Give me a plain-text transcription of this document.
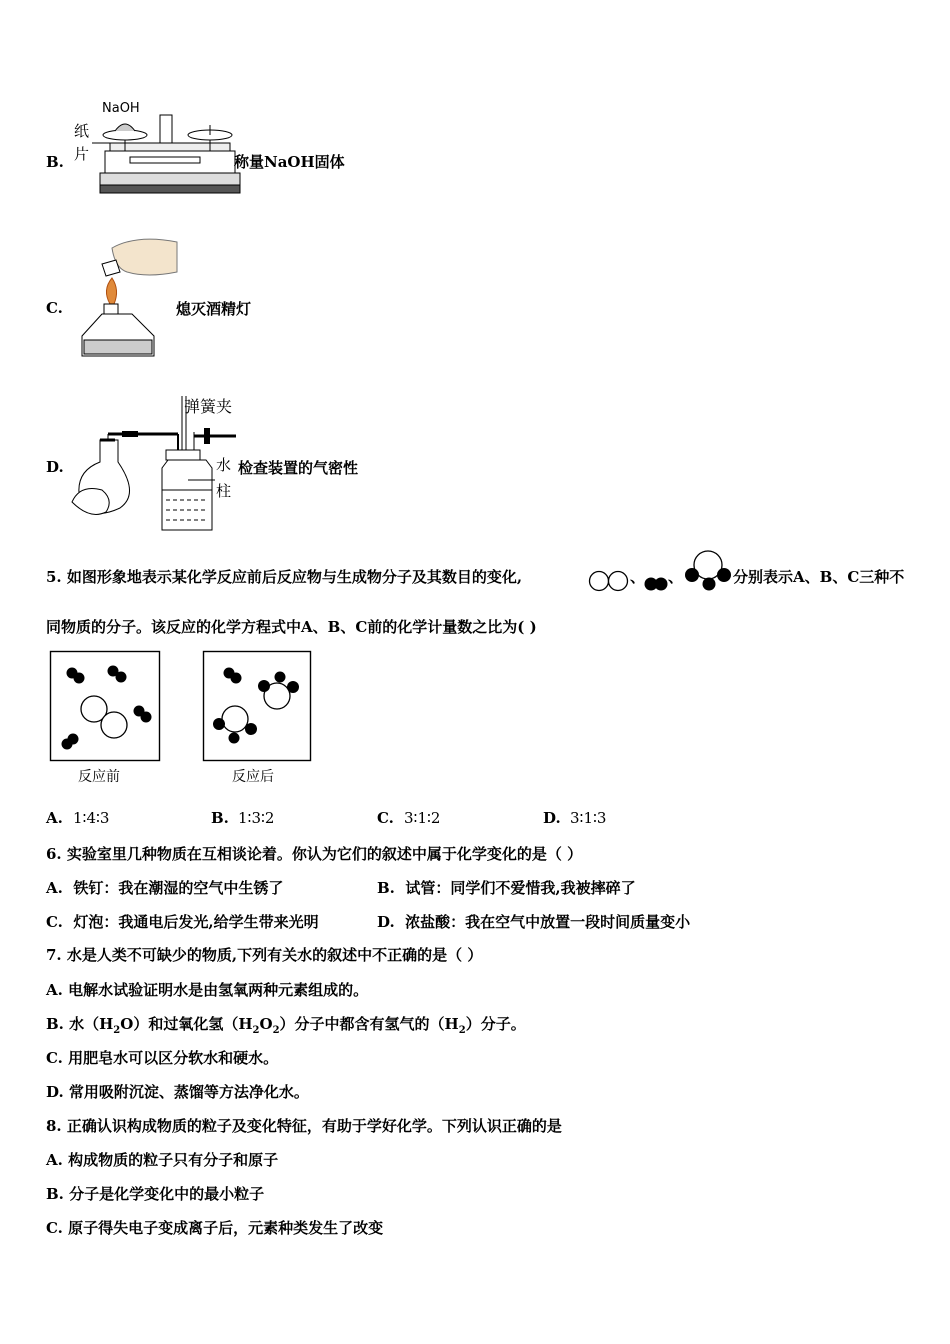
B.
NaOH
纸
片	称量NaOH固体
C.	熄灭酒精灯
D.
弹簧夹
水
柱
检查装置的气密性
5. 如图形象地表示某化学反应前后反应物与生成物分子及其数目的变化,	、 、	分别表示A、B、C三种不
同物质的分子。该反应的化学方程式中A、B、C前的化学计量数之比为( )
反应前	反应后
A. 1∶4∶3	B. 1∶3∶2	C. 3∶1∶2	D. 3∶1∶3
6. 实验室里几种物质在互相谈论着。你认为它们的叙述中属于化学变化的是（ ）
A. 铁钉：我在潮湿的空气中生锈了	B. 试管：同学们不爱惜我,我被摔碎了
C. 灯泡：我通电后发光,给学生带来光明	D. 浓盐酸：我在空气中放置一段时间质量变小
7. 水是人类不可缺少的物质,下列有关水的叙述中不正确的是（ ）
A. 电解水试验证明水是由氢氧两种元素组成的。
B. 水$(H_2O)$和过氧化氢$(H_2O_2)$分子中都含有氢气的$(H_2)$分子。
C. 用肥皂水可以区分软水和硬水。
D. 常用吸附沉淀、蒸馏等方法净化水。
8. 正确认识构成物质的粒子及变化特征，有助于学好化学。下列认识正确的是
A. 构成物质的粒子只有分子和原子
B. 分子是化学变化中的最小粒子
C. 原子得失电子变成离子后，元素种类发生了改变
